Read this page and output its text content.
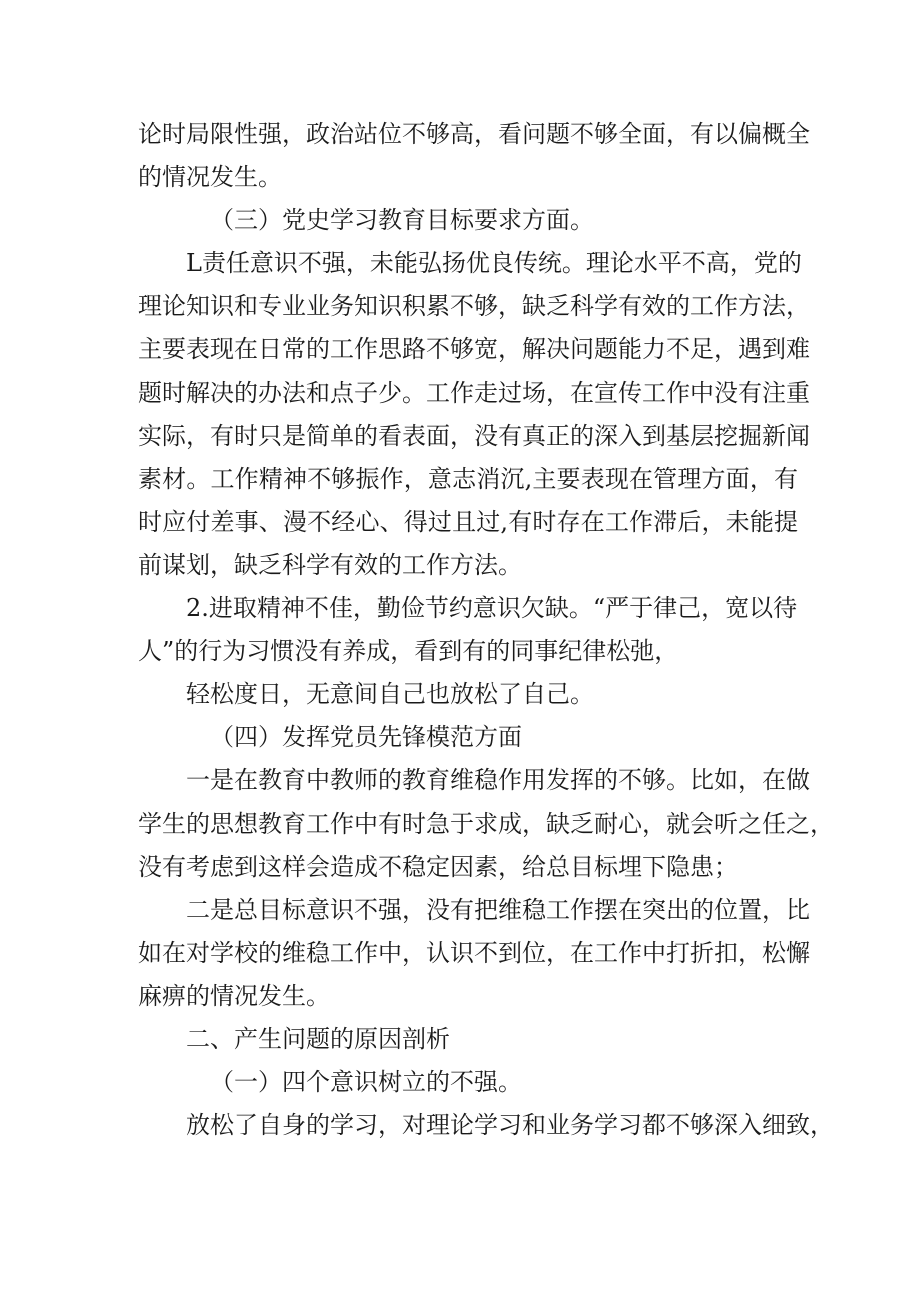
论时局限性强，政治站位不够高，看问题不够全面，有以偏概全
的情况发生。
（三）党史学习教育目标要求方面。
L责任意识不强，未能弘扬优良传统。理论水平不高，党的
理论知识和专业业务知识积累不够，缺乏科学有效的工作方法，
主要表现在日常的工作思路不够宽，解决问题能力不足，遇到难
题时解决的办法和点子少。工作走过场，在宣传工作中没有注重
实际，有时只是简单的看表面，没有真正的深入到基层挖掘新闻
素材。工作精神不够振作，意志消沉,主要表现在管理方面，有
时应付差事、漫不经心、得过且过,有时存在工作滞后，未能提
前谋划，缺乏科学有效的工作方法。
2.进取精神不佳，勤俭节约意识欠缺。“严于律己，宽以待
人”的行为习惯没有养成，看到有的同事纪律松弛，
轻松度日，无意间自己也放松了自己。
（四）发挥党员先锋模范方面
一是在教育中教师的教育维稳作用发挥的不够。比如，在做
学生的思想教育工作中有时急于求成，缺乏耐心，就会听之任之，
没有考虑到这样会造成不稳定因素，给总目标埋下隐患；
二是总目标意识不强，没有把维稳工作摆在突出的位置，比
如在对学校的维稳工作中，认识不到位，在工作中打折扣，松懈
麻痹的情况发生。
二、产生问题的原因剖析
（一）四个意识树立的不强。
放松了自身的学习，对理论学习和业务学习都不够深入细致，
